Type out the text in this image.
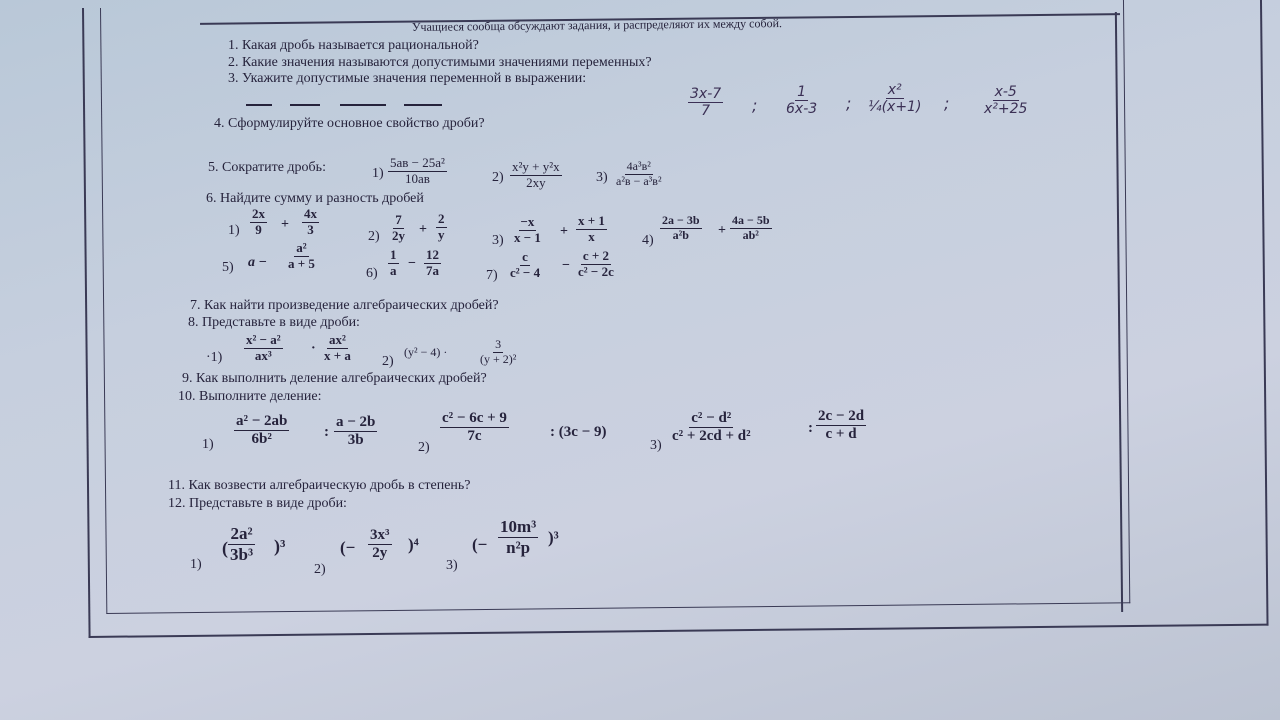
Учащиеся сообща обсуждают задания, и распределяют их между собой.
1. Какая дробь называется рациональной?
2. Какие значения называются допустимыми значениями переменных?
3. Укажите допустимые значения переменной в выражении:
$\frac{3x-7}{7}$ ; $\frac{1}{6x-3}$ ; $\frac{\text{x²}}{\text{¼(x+1)}}$ ; $\frac{x-5}{\text{x²+25}}$
4. Сформулируйте основное свойство дроби?
5. Сократите дробь:	1)
5ав − 25a²
10ав	$2) \frac{\text{x²y + y²x}}{2xy} 3$)
4a³в²
a²в − a³в²
6. Найдите сумму и разность дробей
$1) \frac{2x}{9} + \frac{4x}{3}$	$2) \frac{7}{2y} + \frac{2}{y}$	$3) \frac{-x}{x - 1} + \frac{x + 1}{x}$	$4) \frac{2a - 3b}{\text{a²b}} + \frac{4a - 5b}{\text{ab²}}$
5) $a - \frac{\text{a²}}{a + 5}$
$6) \frac{1}{a} - \frac{12}{7a}$	$7) \frac{c}{\text{c² − 4}} - \frac{c + 2}{\text{c² − 2c}}$
7. Как найти произведение алгебраических дробей?
8. Представьте в виде дроби:
$\cdot 1) \frac{\text{x² − a²}}{\text{ax³}} \cdot \frac{\text{ax²}}{x + a} 2$)
(y² − 4) ·	$\frac{3}{\text{(y + 2)²}}$
9. Как выполнить деление алгебраических дробей?
10. Выполните деление:
$1) \frac{\text{a² − 2ab}}{\text{6b²}}$ : $\frac{a - 2b}{3b}$	2)
$\frac{\text{c² − 6c + 9}}{7c}$	: (3c − 9)
$3) \frac{\text{c² − d²}}{\text{c² + 2cd + d²}}$	: $\frac{2c - 2d}{c + d}$
11. Как возвести алгебраическую дробь в степень?
12. Представьте в виде дроби:
1)
( $\frac{\text{2a²}}{\text{3b³}} )^3$
2)
(− $\frac{\text{3x³}}{2y} )^4$
3)
(− $\frac{\text{10m³}}{\text{n²p}} )^3$
